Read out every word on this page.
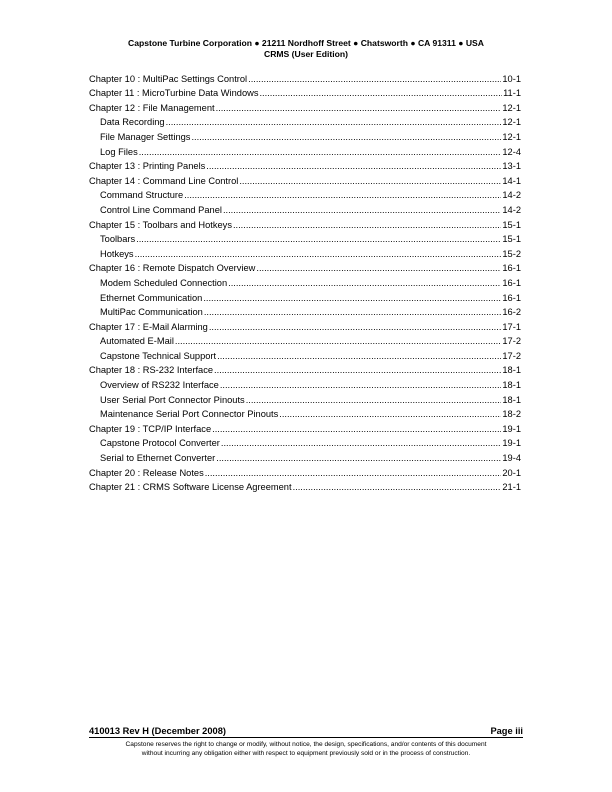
Capstone Turbine Corporation ● 21211 Nordhoff Street ● Chatsworth ● CA 91311 ● USA
CRMS (User Edition)
Chapter 10 : MultiPac Settings Control . . .	10-1
Chapter 11 : MicroTurbine Data Windows . . .	11-1
Chapter 12 : File Management . . .	12-1
Data Recording . . .	12-1
File Manager Settings . . .	12-1
Log Files . . .	12-4
Chapter 13 : Printing Panels . . .	13-1
Chapter 14 : Command Line Control . . .	14-1
Command Structure . . .	14-2
Control Line Command Panel . . .	14-2
Chapter 15 : Toolbars and Hotkeys . . .	15-1
Toolbars . . .	15-1
Hotkeys . . .	15-2
Chapter 16 : Remote Dispatch Overview . . .	16-1
Modem Scheduled Connection . . .	16-1
Ethernet Communication . . .	16-1
MultiPac Communication . . .	16-2
Chapter 17 : E-Mail Alarming . . .	17-1
Automated E-Mail . . .	17-2
Capstone Technical Support . . .	17-2
Chapter 18 : RS-232 Interface . . .	18-1
Overview of RS232 Interface . . .	18-1
User Serial Port Connector Pinouts . . .	18-1
Maintenance Serial Port Connector Pinouts . . .	18-2
Chapter 19 : TCP/IP Interface . . .	19-1
Capstone Protocol Converter . . .	19-1
Serial to Ethernet Converter . . .	19-4
Chapter 20 : Release Notes . . .	20-1
Chapter 21 : CRMS Software License Agreement . . .	21-1
410013 Rev H (December 2008)	Page iii
Capstone reserves the right to change or modify, without notice, the design, specifications, and/or contents of this document
without incurring any obligation either with respect to equipment previously sold or in the process of construction.
